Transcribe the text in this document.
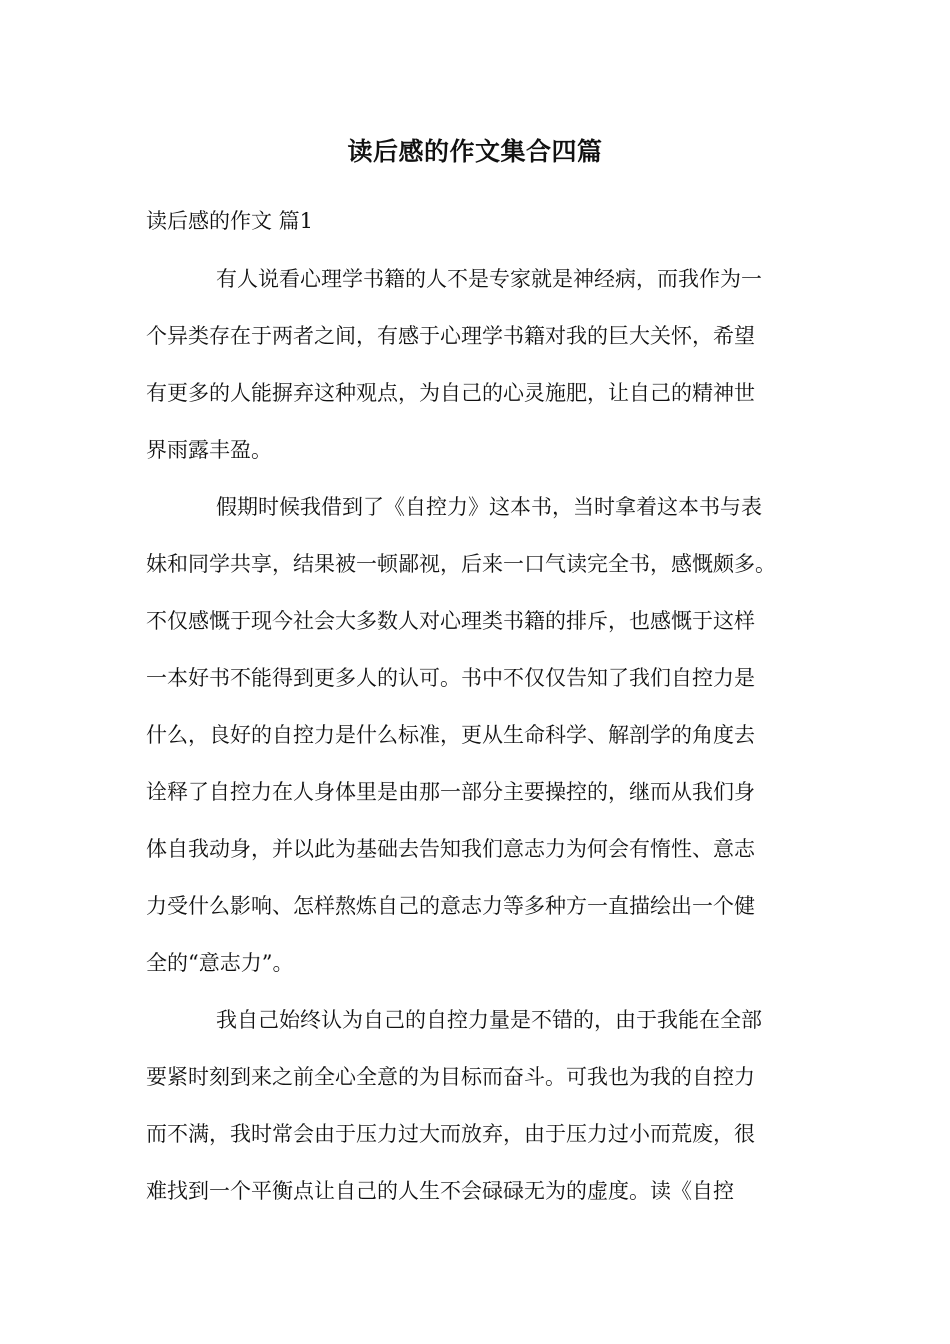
读后感的作文集合四篇

读后感的作文 篇1

有人说看心理学书籍的人不是专家就是神经病，而我作为一

个异类存在于两者之间，有感于心理学书籍对我的巨大关怀，希望

有更多的人能摒弃这种观点，为自己的心灵施肥，让自己的精神世

界雨露丰盈。

假期时候我借到了《自控力》这本书，当时拿着这本书与表

妹和同学共享，结果被一顿鄙视，后来一口气读完全书，感慨颇多。

不仅感慨于现今社会大多数人对心理类书籍的排斥，也感慨于这样

一本好书不能得到更多人的认可。书中不仅仅告知了我们自控力是

什么，良好的自控力是什么标准，更从生命科学、解剖学的角度去

诠释了自控力在人身体里是由那一部分主要操控的，继而从我们身

体自我动身，并以此为基础去告知我们意志力为何会有惰性、意志

力受什么影响、怎样熬炼自己的意志力等多种方一直描绘出一个健

全的“意志力”。

我自己始终认为自己的自控力量是不错的，由于我能在全部

要紧时刻到来之前全心全意的为目标而奋斗。可我也为我的自控力

而不满，我时常会由于压力过大而放弃，由于压力过小而荒废，很

难找到一个平衡点让自己的人生不会碌碌无为的虚度。读《自控
